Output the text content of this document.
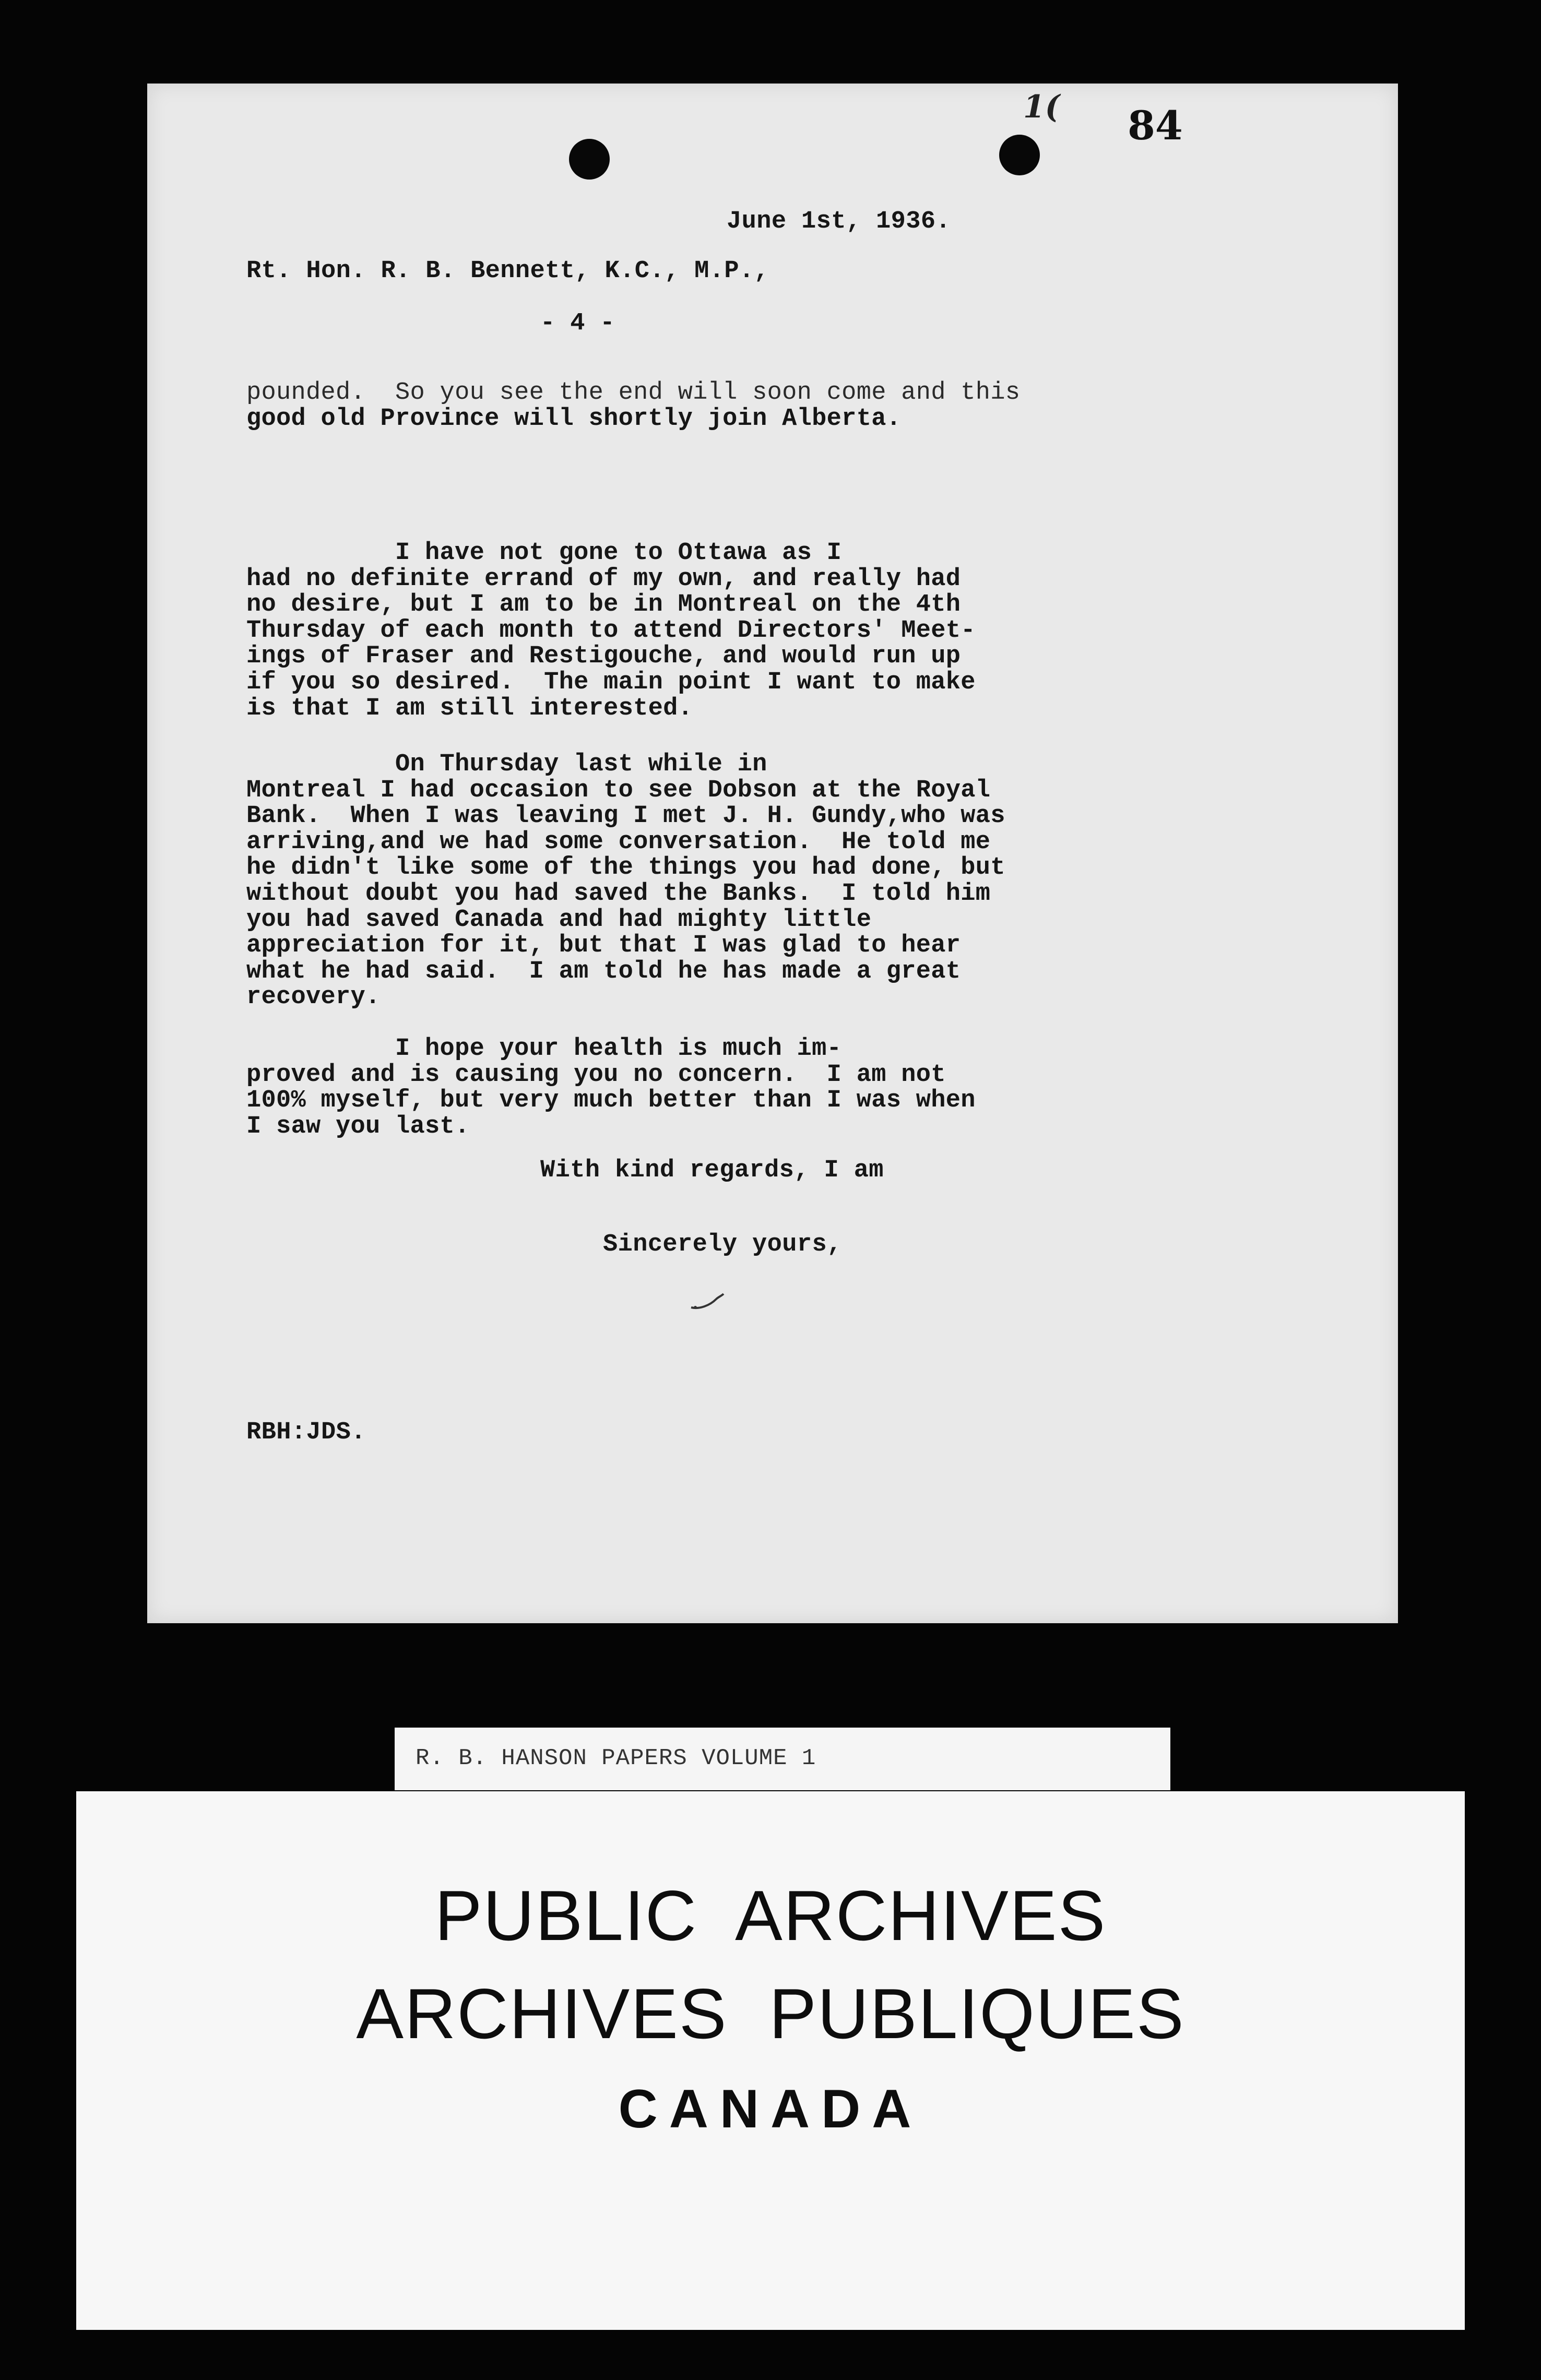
1( 84
June 1st, 1936.
Rt. Hon. R. B. Bennett, K.C., M.P.,
- 4 -
pounded.  So you see the end will soon come and this
good old Province will shortly join Alberta.
I have not gone to Ottawa as I
had no definite errand of my own, and really had
no desire, but I am to be in Montreal on the 4th
Thursday of each month to attend Directors' Meet-
ings of Fraser and Restigouche, and would run up
if you so desired.  The main point I want to make
is that I am still interested.
On Thursday last while in
Montreal I had occasion to see Dobson at the Royal
Bank.  When I was leaving I met J. H. Gundy,who was
arriving,and we had some conversation.  He told me
he didn't like some of the things you had done, but
without doubt you had saved the Banks.  I told him
you had saved Canada and had mighty little
appreciation for it, but that I was glad to hear
what he had said.  I am told he has made a great
recovery.
I hope your health is much im-
proved and is causing you no concern.  I am not
100% myself, but very much better than I was when
I saw you last.
With kind regards, I am
Sincerely yours,
RBH:JDS.
R. B. HANSON PAPERS VOLUME 1
PUBLIC  ARCHIVES
ARCHIVES  PUBLIQUES
CANADA
